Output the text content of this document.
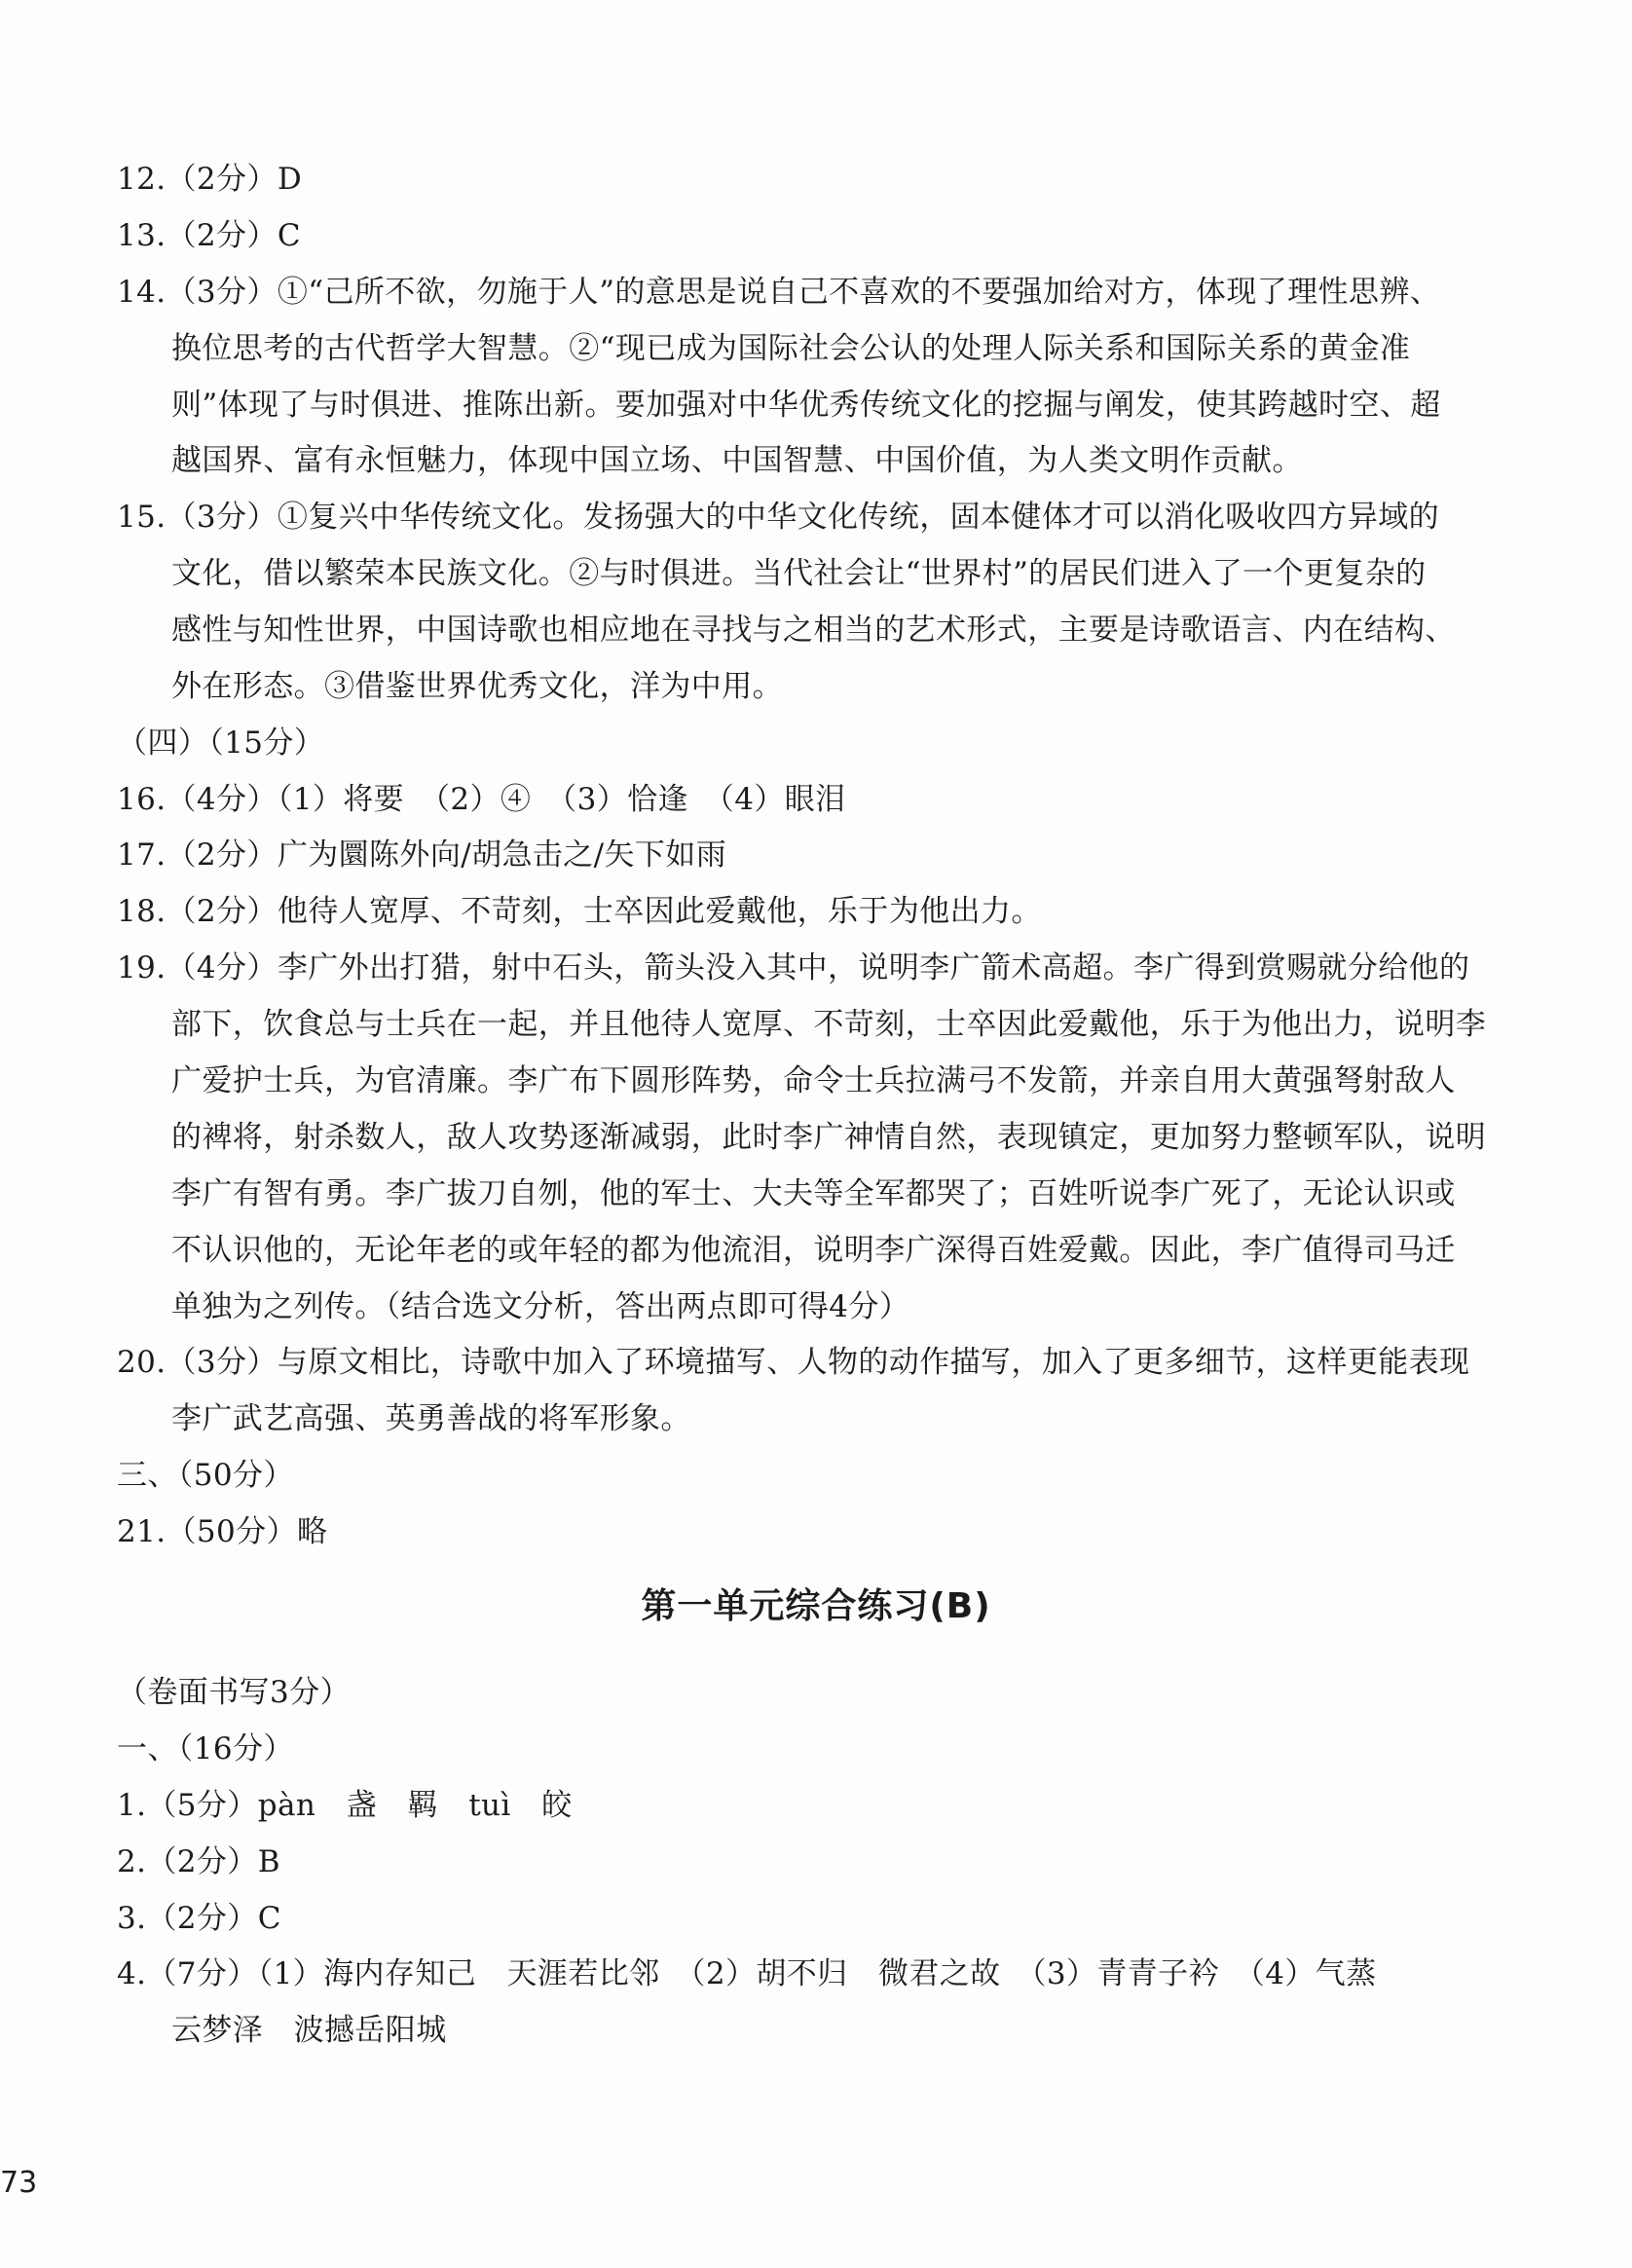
12.（2分）D
13.（2分）C
14.（3分）①“己所不欲，勿施于人”的意思是说自己不喜欢的不要强加给对方，体现了理性思辨、
换位思考的古代哲学大智慧。②“现已成为国际社会公认的处理人际关系和国际关系的黄金准
则”体现了与时俱进、推陈出新。要加强对中华优秀传统文化的挖掘与阐发，使其跨越时空、超
越国界、富有永恒魅力，体现中国立场、中国智慧、中国价值，为人类文明作贡献。
15.（3分）①复兴中华传统文化。发扬强大的中华文化传统，固本健体才可以消化吸收四方异域的
文化，借以繁荣本民族文化。②与时俱进。当代社会让“世界村”的居民们进入了一个更复杂的
感性与知性世界，中国诗歌也相应地在寻找与之相当的艺术形式，主要是诗歌语言、内在结构、
外在形态。③借鉴世界优秀文化，洋为中用。
（四）（15分）
16.（4分）（1）将要　（2）④　（3）恰逢　（4）眼泪
17.（2分）广为圜陈外向/胡急击之/矢下如雨
18.（2分）他待人宽厚、不苛刻，士卒因此爱戴他，乐于为他出力。
19.（4分）李广外出打猎，射中石头，箭头没入其中，说明李广箭术高超。李广得到赏赐就分给他的
部下，饮食总与士兵在一起，并且他待人宽厚、不苛刻，士卒因此爱戴他，乐于为他出力，说明李
广爱护士兵，为官清廉。李广布下圆形阵势，命令士兵拉满弓不发箭，并亲自用大黄强弩射敌人
的裨将，射杀数人，敌人攻势逐渐减弱，此时李广神情自然，表现镇定，更加努力整顿军队，说明
李广有智有勇。李广拔刀自刎，他的军士、大夫等全军都哭了；百姓听说李广死了，无论认识或
不认识他的，无论年老的或年轻的都为他流泪，说明李广深得百姓爱戴。因此，李广值得司马迁
单独为之列传。（结合选文分析，答出两点即可得4分）
20.（3分）与原文相比，诗歌中加入了环境描写、人物的动作描写，加入了更多细节，这样更能表现
李广武艺高强、英勇善战的将军形象。
三、（50分）
21.（50分）略
第一单元综合练习(B)
（卷面书写3分）
一、（16分）
1.（5分）pàn　盏　羁　tuì　皎
2.（2分）B
3.（2分）C
4.（7分）（1）海内存知己　天涯若比邻　（2）胡不归　微君之故　（3）青青子衿　（4）气蒸
云梦泽　波撼岳阳城
73
